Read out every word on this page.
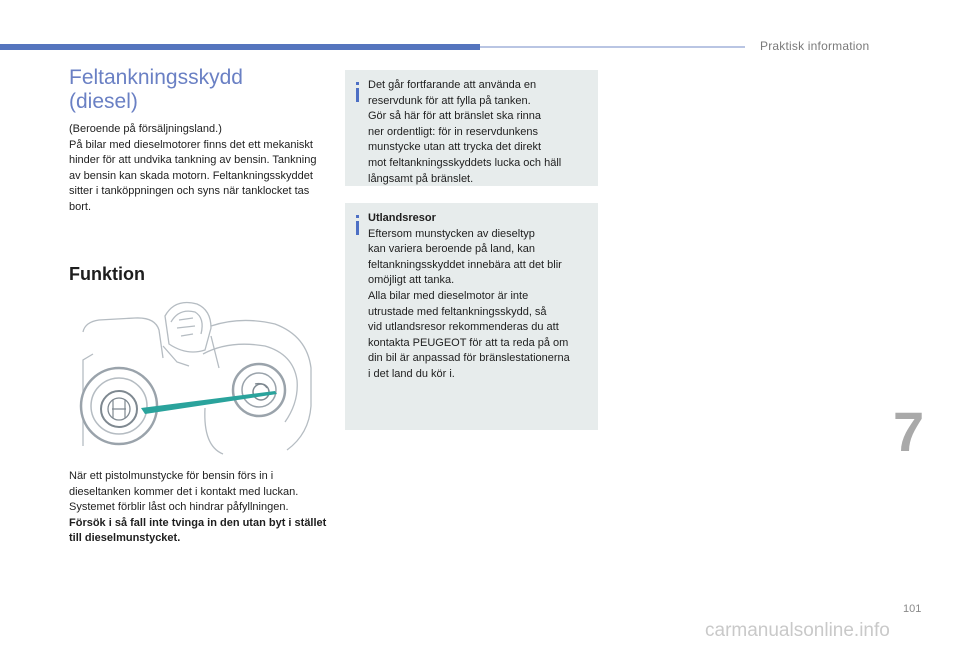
Praktisk information
Feltankningsskydd
(diesel)

(Beroende på försäljningsland.)

På bilar med dieselmotorer finns det ett mekaniskt hinder för att undvika tankning av bensin. Tankning av bensin kan skada motorn. Feltankningsskyddet sitter i tanköppningen och syns när tanklocket tas bort.

Funktion

När ett pistolmunstycke för bensin förs in i dieseltanken kommer det i kontakt med luckan. Systemet förblir låst och hindrar påfyllningen.

Försök i så fall inte tvinga in den utan byt i stället till dieselmunstycket.

Det går fortfarande att använda en
reservdunk för att fylla på tanken.
Gör så här för att bränslet ska rinna
ner ordentligt: för in reservdunkens
munstycke utan att trycka det direkt
mot feltankningsskyddets lucka och häll
långsamt på bränslet.

Utlandsresor

Eftersom munstycken av dieseltyp
kan variera beroende på land, kan
feltankningsskyddet innebära att det blir
omöjligt att tanka.
Alla bilar med dieselmotor är inte
utrustade med feltankningsskydd, så
vid utlandsresor rekommenderas du att
kontakta PEUGEOT för att ta reda på om
din bil är anpassad för bränslestationerna
i det land du kör i.

7
101
carmanualsonline.info
